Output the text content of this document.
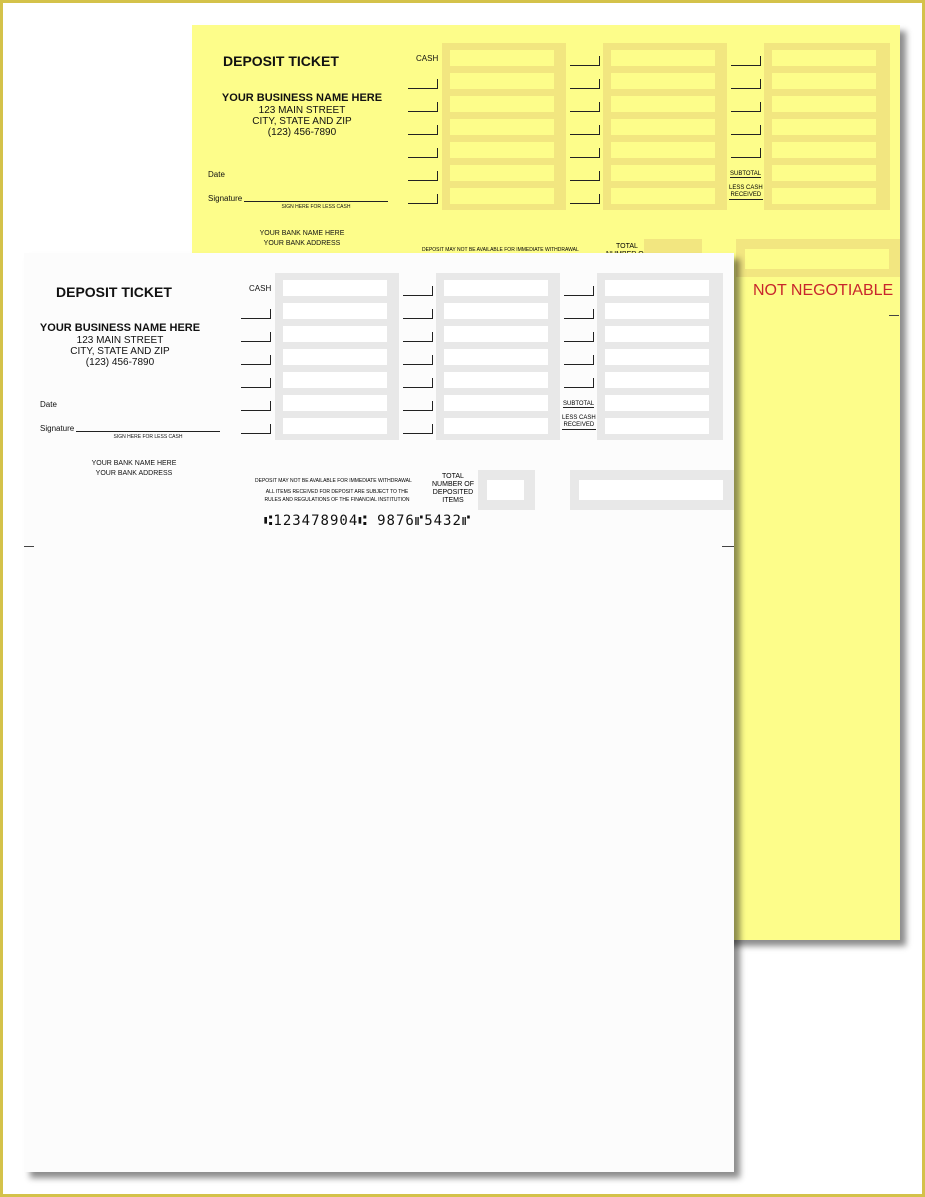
DEPOSIT TICKET
YOUR BUSINESS NAME HERE
123 MAIN STREET
CITY, STATE AND ZIP
(123) 456-7890
Date
Signature
SIGN HERE FOR LESS CASH
YOUR BANK NAME HERE
YOUR BANK ADDRESS
CASH
SUBTOTAL
LESS CASH
RECEIVED
DEPOSIT MAY NOT BE AVAILABLE FOR IMMEDIATE WITHDRAWAL	TOTAL
NOT NEGOTIABLE
DEPOSIT TICKET
YOUR BUSINESS NAME HERE
123 MAIN STREET
CITY, STATE AND ZIP
(123) 456-7890
Date
Signature
SIGN HERE FOR LESS CASH
YOUR BANK NAME HERE
YOUR BANK ADDRESS
CASH
SUBTOTAL
LESS CASH
RECEIVED
DEPOSIT MAY NOT BE AVAILABLE FOR IMMEDIATE WITHDRAWAL
ALL ITEMS RECEIVED FOR DEPOSIT ARE SUBJECT TO THE
RULES AND REGULATIONS OF THE FINANCIAL INSTITUTION
TOTAL
NUMBER OF
DEPOSITED
ITEMS
⑆123478904⑆ 9876⑈5432⑈
